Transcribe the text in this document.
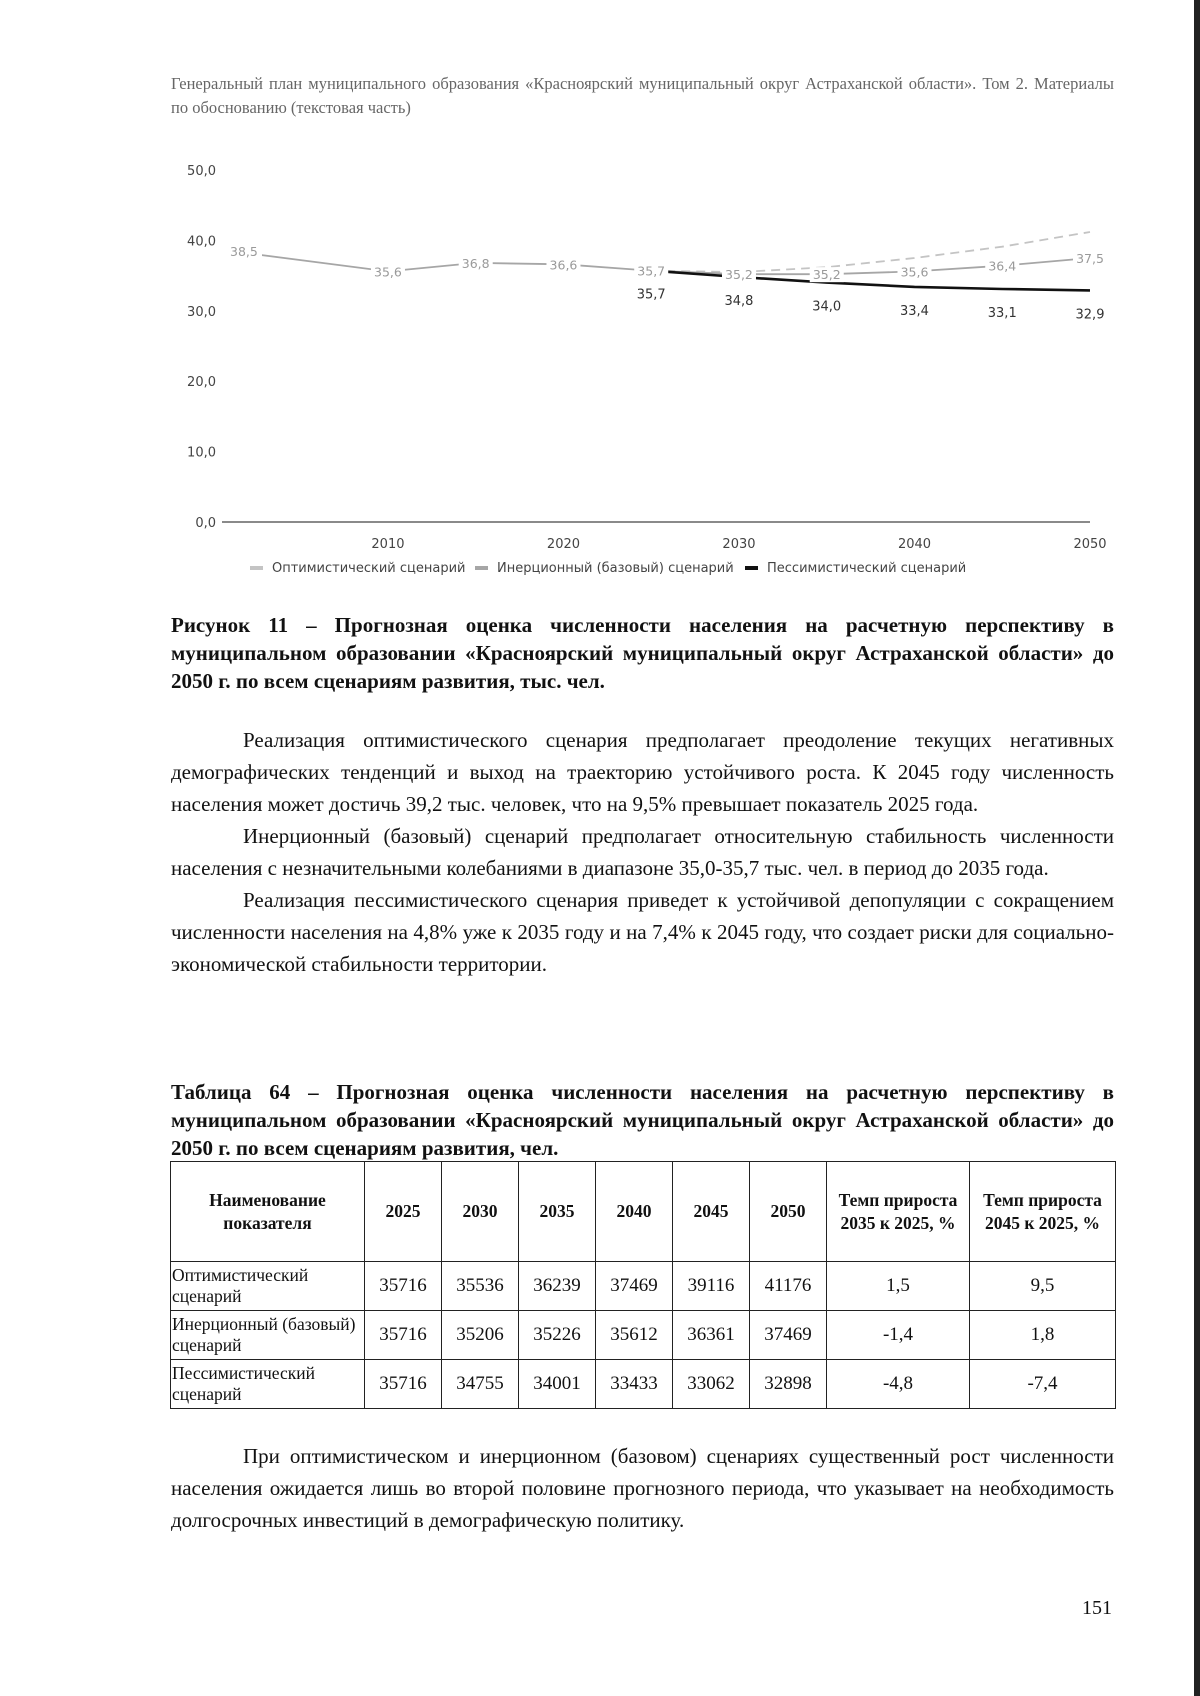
Генеральный план муниципального образования «Красноярский муниципальный округ Астраханской области». Том 2. Материалы по обоснованию (текстовая часть)
0,0
10,0
20,0
30,0
40,0
50,0
2010	2020	2030	2040	2050
38,5
35,6
36,8	36,6	35,7	35,2	35,2	35,6	36,4
37,5
35,7	34,8	34,0	33,4	33,1	32,9
Оптимистический сценарий Инерционный (базовый) сценарий	Пессимистический сценарий
Рисунок 11 – Прогнозная оценка численности населения на расчетную перспективу в муниципальном образовании «Красноярский муниципальный округ Астраханской области» до 2050 г. по всем сценариям развития, тыс. чел.

Реализация оптимистического сценария предполагает преодоление текущих негативных демографических тенденций и выход на траекторию устойчивого роста. К 2045 году численность населения может достичь 39,2 тыс. человек, что на 9,5% превышает показатель 2025 года.

Инерционный (базовый) сценарий предполагает относительную стабильность численности населения с незначительными колебаниями в диапазоне 35,0-35,7 тыс. чел. в период до 2035 года.

Реализация пессимистического сценария приведет к устойчивой депопуляции с сокращением численности населения на 4,8% уже к 2035 году и на 7,4% к 2045 году, что создает риски для социально-экономической стабильности территории.

Таблица 64 – Прогнозная оценка численности населения на расчетную перспективу в муниципальном образовании «Красноярский муниципальный округ Астраханской области» до 2050 г. по всем сценариям развития, чел.
Наименование показателя	2025	2030	2035	2040	2045	2050	Темп прироста 2035 к 2025, %	Темп прироста 2045 к 2025, %
Оптимистический сценарий	35716	35536	36239	37469	39116	41176	1,5	9,5
Инерционный (базовый) сценарий	35716	35206	35226	35612	36361	37469	-1,4	1,8
Пессимистический сценарий	35716	34755	34001	33433	33062	32898	-4,8	-7,4

При оптимистическом и инерционном (базовом) сценариях существенный рост численности населения ожидается лишь во второй половине прогнозного периода, что указывает на необходимость долгосрочных инвестиций в демографическую политику.

151
